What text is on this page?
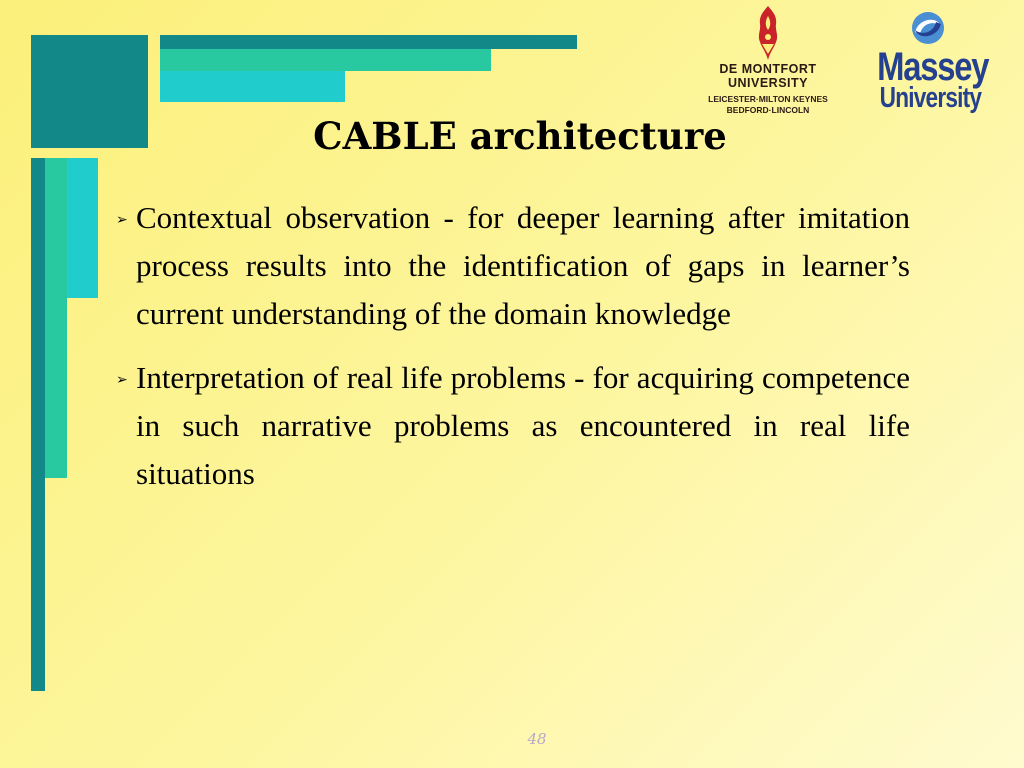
DE MONTFORT
UNIVERSITY
LEICESTER·MILTON KEYNES
BEDFORD·LINCOLN
Massey
University
CABLE architecture
➢ Contextual observation - for deeper learning after imitation process results into the identification of gaps in learner’s current understanding of the domain knowledge

➢ Interpretation of real life problems - for acquiring competence in such narrative problems as encountered in real life situations

48
